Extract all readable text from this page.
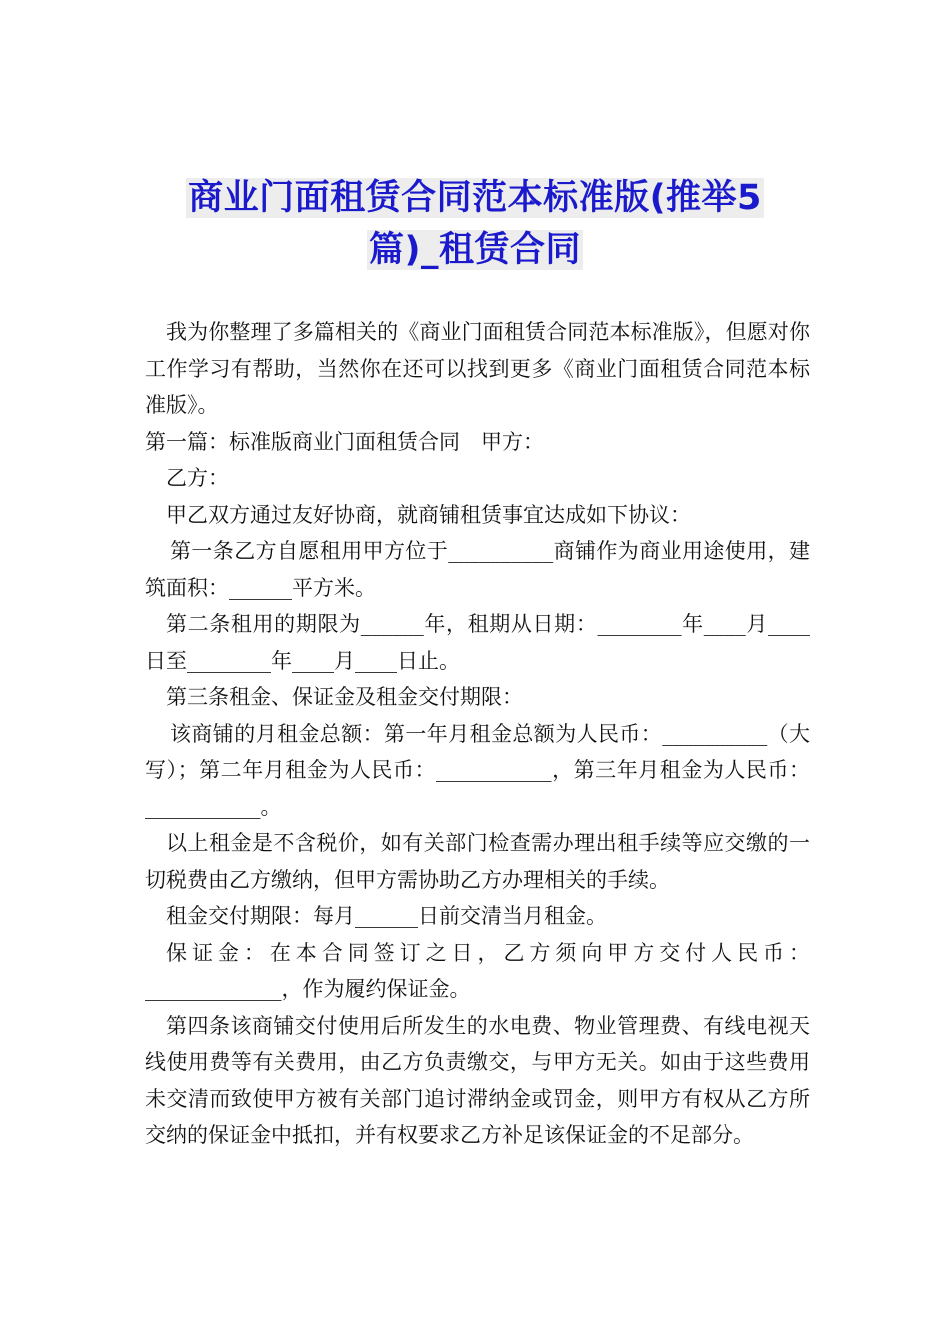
商业门面租赁合同范本标准版(推举5
篇)_租赁合同

我为你整理了多篇相关的《商业门面租赁合同范本标准版》，但愿对你工作学习有帮助，当然你在还可以找到更多《商业门面租赁合同范本标准版》。

第一篇：标准版商业门面租赁合同　甲方：

乙方：

甲乙双方通过友好协商，就商铺租赁事宜达成如下协议：

第一条乙方自愿租用甲方位于__________商铺作为商业用途使用，建筑面积：______平方米。

第二条租用的期限为______年，租期从日期：________年____月____日至________年____月____日止。

第三条租金、保证金及租金交付期限：

该商铺的月租金总额：第一年月租金总额为人民币：__________（大写）；第二年月租金为人民币：___________，第三年月租金为人民币：___________。

以上租金是不含税价，如有关部门检查需办理出租手续等应交缴的一切税费由乙方缴纳，但甲方需协助乙方办理相关的手续。

租金交付期限：每月______日前交清当月租金。

保证金：在本合同签订之日，乙方须向甲方交付人民币：_____________，作为履约保证金。

第四条该商铺交付使用后所发生的水电费、物业管理费、有线电视天线使用费等有关费用，由乙方负责缴交，与甲方无关。如由于这些费用未交清而致使甲方被有关部门追讨滞纳金或罚金，则甲方有权从乙方所交纳的保证金中抵扣，并有权要求乙方补足该保证金的不足部分。
